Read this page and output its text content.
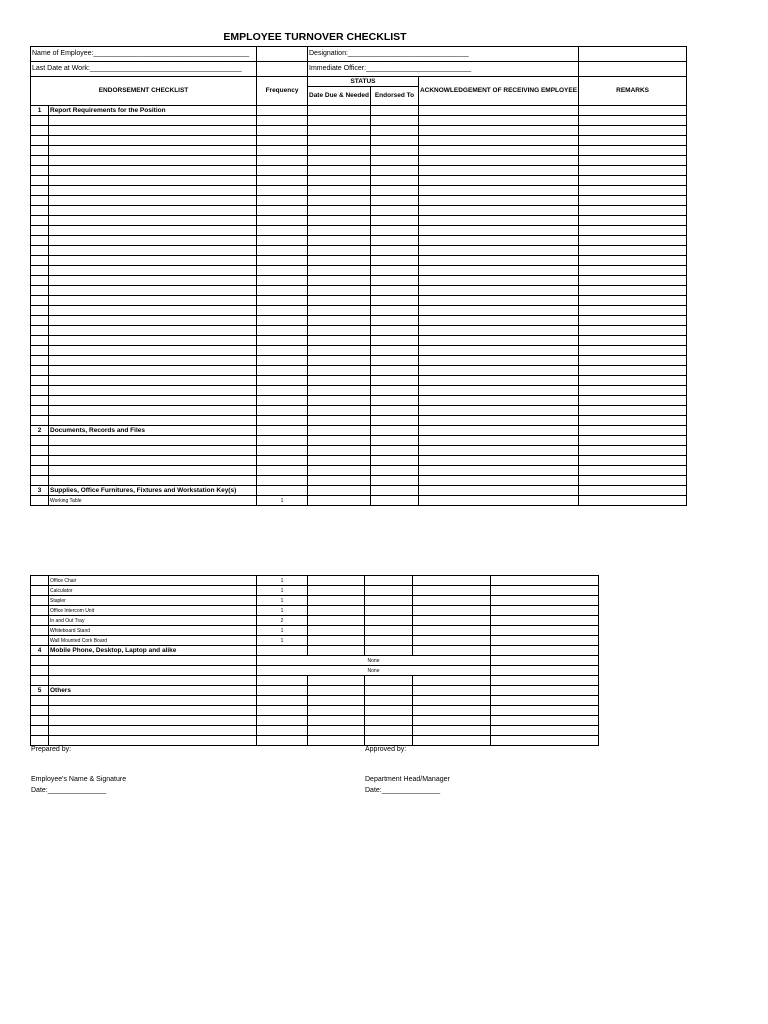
EMPLOYEE TURNOVER CHECKLIST
Name of Employee:________________________________________			Designation:_______________________________			
Last Date at Work:_______________________________________			Immediate Officer:___________________________			
ENDORSEMENT CHECKLIST		Frequency	STATUS		ACKNOWLEDGEMENT OF RECEIVING EMPLOYEE	REMARKS
			Date Due & Needed	Endorsed To		
1	Report Requirements for the Position					

2	Documents, Records and Files					

3	Supplies, Office Furnitures, Fixtures and Workstation Key(s)					
	Working Table	1				
	Office Chair	1				
	Calculator	1				
	Stapler	1				
	Office Intercom Unit	1				
	In and Out Tray	2				
	Whiteboard Stand	1				
	Wall Mounted Cork Board	1				
4	Mobile Phone, Desktop, Laptop and alike					
		None				
		None				

5	Others					

Prepared by:	Approved by:
Employee's Name & Signature
Date:_______________
Department Head/Manager
Date:_______________
